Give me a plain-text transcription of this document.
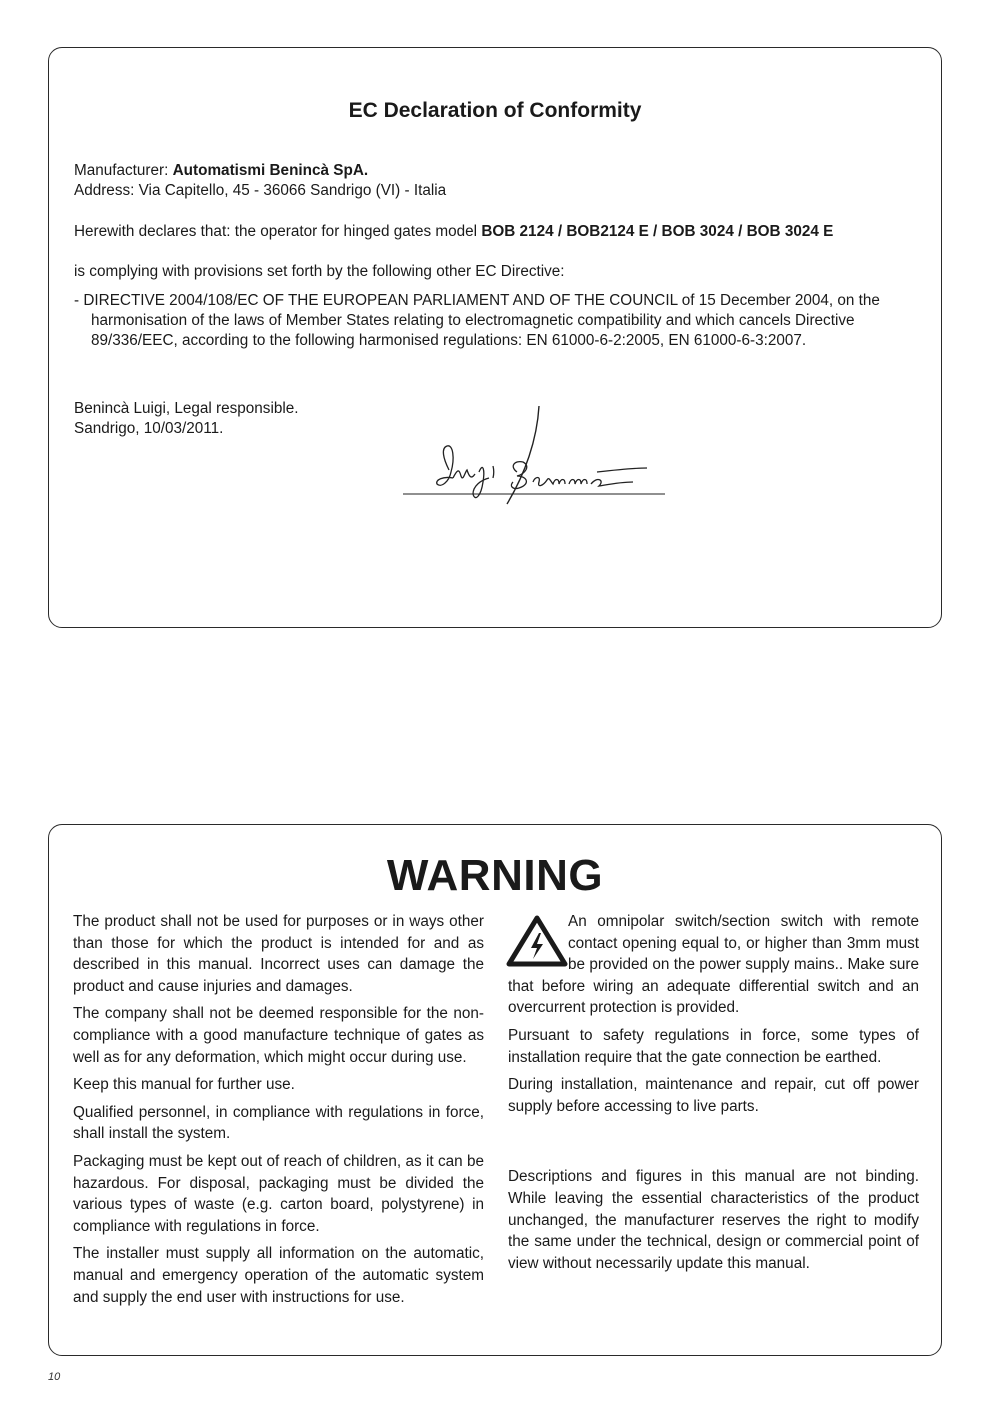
EC Declaration of Conformity

Manufacturer: Automatismi Benincà SpA.

Address: Via Capitello, 45 - 36066 Sandrigo (VI) - Italia

Herewith declares that: the operator for hinged gates model BOB 2124 / BOB2124 E / BOB 3024 / BOB 3024 E

is complying with provisions set forth by the following other EC Directive:

- DIRECTIVE 2004/108/EC OF THE EUROPEAN PARLIAMENT AND OF THE COUNCIL of 15 December 2004, on the harmonisation of the laws of Member States relating to electromagnetic compatibility and which cancels Directive 89/336/EEC, according to the following harmonised regulations: EN 61000-6-2:2005, EN 61000-6-3:2007.

Benincà Luigi, Legal responsible.

Sandrigo, 10/03/2011.

WARNING

The product shall not be used for purposes or in ways other than those for which the product is intended for and as described in this manual. Incorrect uses can damage the product and cause injuries and damages.

The company shall not be deemed responsible for the non-compliance with a good manufacture technique of gates as well as for any deformation, which might occur during use.

Keep this manual for further use.

Qualified personnel, in compliance with regulations in force, shall install the system.

Packaging must be kept out of reach of children, as it can be hazardous. For disposal, packaging must be divided the various types of waste (e.g. carton board, polystyrene) in compliance with regulations in force.

The installer must supply all information on the automatic, manual and emergency operation of the automatic system and supply the end user with instructions for use.

An omnipolar switch/section switch with remote contact opening equal to, or higher than 3mm must be provided on the power supply mains.. Make sure that before wiring an adequate differential switch and an overcurrent protection is provided.

Pursuant to safety regulations in force, some types of installation require that the gate connection be earthed.

During installation, maintenance and repair, cut off power supply before accessing to live parts.

Descriptions and figures in this manual are not binding. While leaving the essential characteristics of the product unchanged, the manufacturer reserves the right to modify the same under the technical, design or commercial point of view without necessarily update this manual.

10
